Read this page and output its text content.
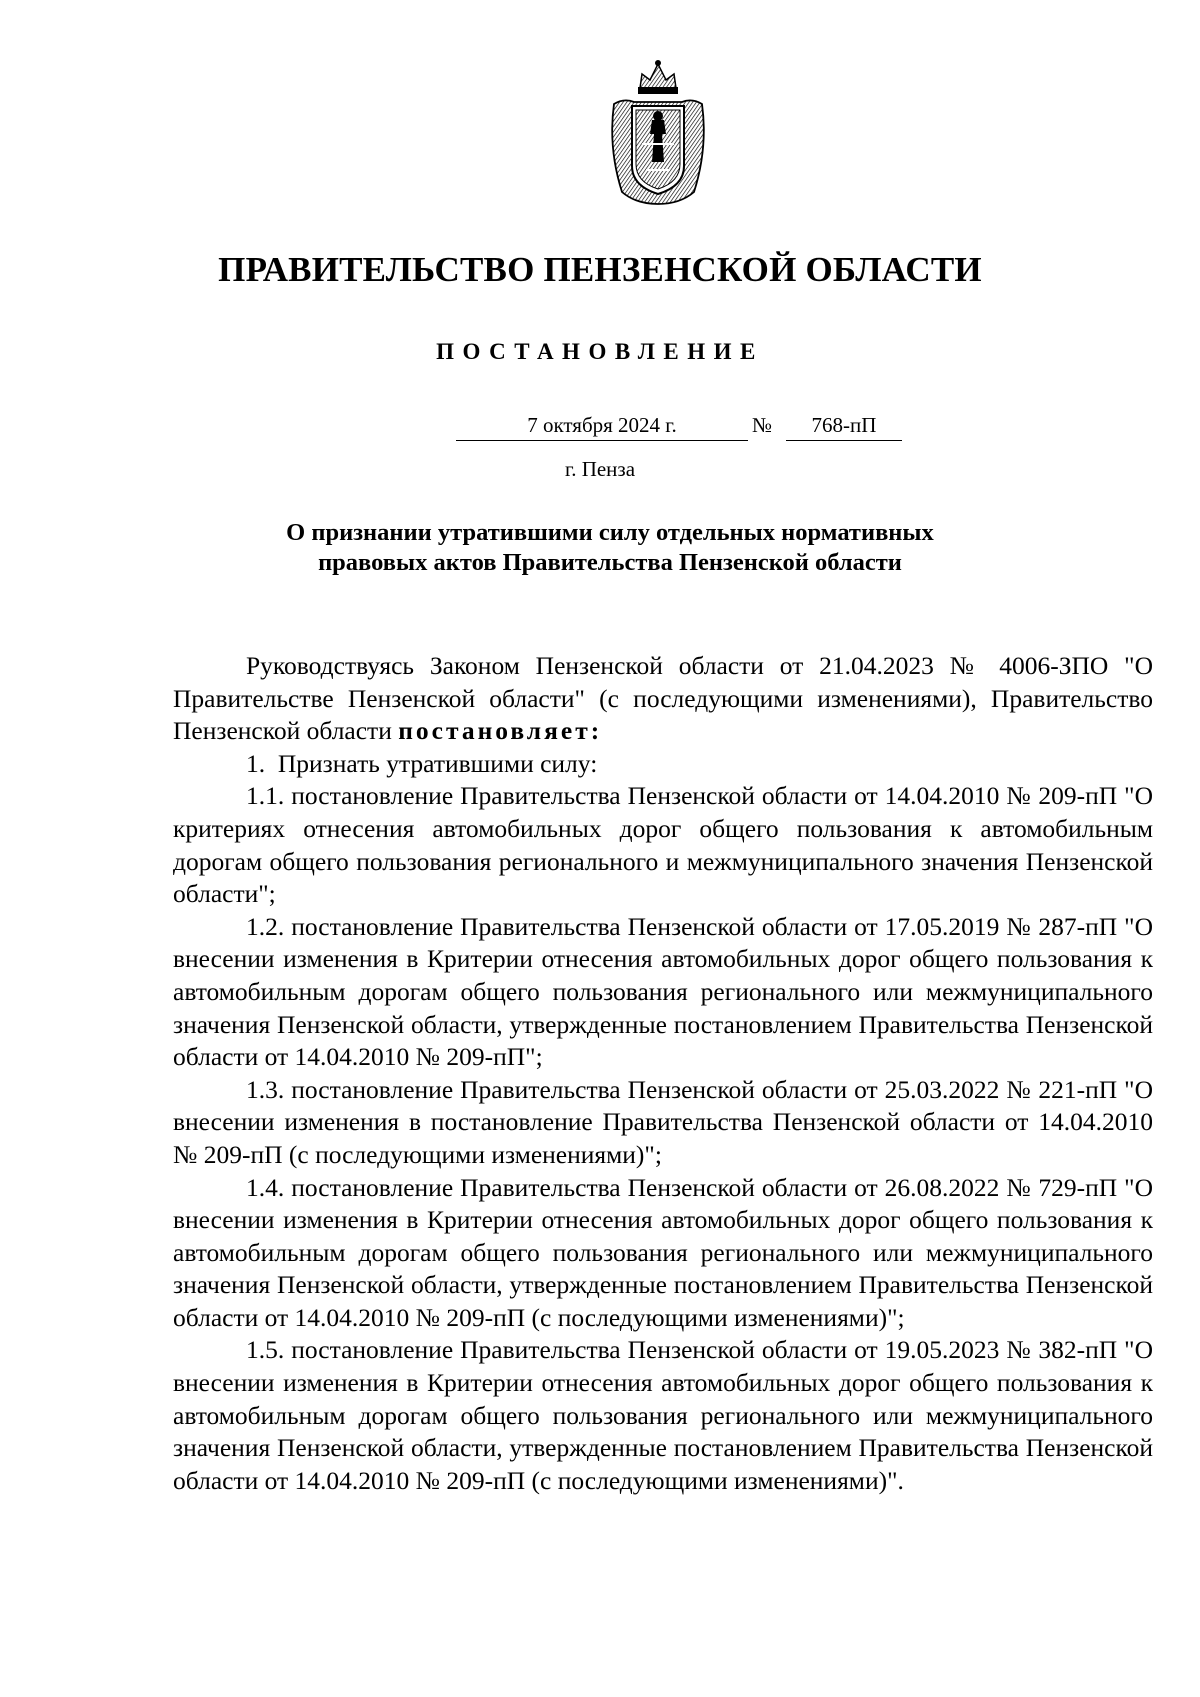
ПРАВИТЕЛЬСТВО ПЕНЗЕНСКОЙ ОБЛАСТИ
ПОСТАНОВЛЕНИЕ
7 октября 2024 г.	№	768-пП
г. Пенза
О признании утратившими силу отдельных нормативных
правовых актов Правительства Пензенской области

Руководствуясь Законом Пензенской области от 21.04.2023 № 4006-ЗПО "О Правительстве Пензенской области" (с последующими изменениями), Правительство Пензенской области постановляет:

1. Признать утратившими силу:

1.1. постановление Правительства Пензенской области от 14.04.2010 № 209-пП "О критериях отнесения автомобильных дорог общего пользования к автомобильным дорогам общего пользования регионального и межмуниципального значения Пензенской области";

1.2. постановление Правительства Пензенской области от 17.05.2019 № 287-пП "О внесении изменения в Критерии отнесения автомобильных дорог общего пользования к автомобильным дорогам общего пользования регионального или межмуниципального значения Пензенской области, утвержденные постановлением Правительства Пензенской области от 14.04.2010 № 209-пП";

1.3. постановление Правительства Пензенской области от 25.03.2022 № 221-пП "О внесении изменения в постановление Правительства Пензенской области от 14.04.2010 № 209-пП (с последующими изменениями)";

1.4. постановление Правительства Пензенской области от 26.08.2022 № 729-пП "О внесении изменения в Критерии отнесения автомобильных дорог общего пользования к автомобильным дорогам общего пользования регионального или межмуниципального значения Пензенской области, утвержденные постановлением Правительства Пензенской области от 14.04.2010 № 209-пП (с последующими изменениями)";

1.5. постановление Правительства Пензенской области от 19.05.2023 № 382-пП "О внесении изменения в Критерии отнесения автомобильных дорог общего пользования к автомобильным дорогам общего пользования регионального или межмуниципального значения Пензенской области, утвержденные постановлением Правительства Пензенской области от 14.04.2010 № 209-пП (с последующими изменениями)".
